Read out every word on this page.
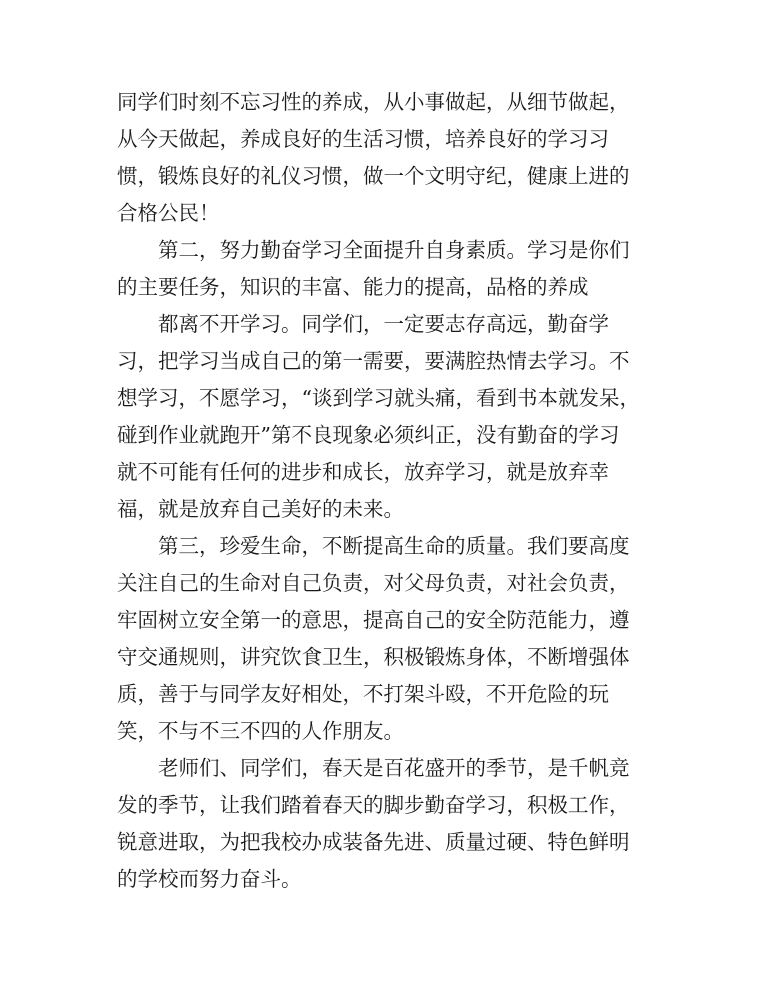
同学们时刻不忘习性的养成，从小事做起，从细节做起，
从今天做起，养成良好的生活习惯，培养良好的学习习
惯，锻炼良好的礼仪习惯，做一个文明守纪，健康上进的
合格公民！
第二，努力勤奋学习全面提升自身素质。学习是你们
的主要任务，知识的丰富、能力的提高，品格的养成
都离不开学习。同学们，一定要志存高远，勤奋学
习，把学习当成自己的第一需要，要满腔热情去学习。不
想学习，不愿学习，“谈到学习就头痛，看到书本就发呆，
碰到作业就跑开”第不良现象必须纠正，没有勤奋的学习
就不可能有任何的进步和成长，放弃学习，就是放弃幸
福，就是放弃自己美好的未来。
第三，珍爱生命，不断提高生命的质量。我们要高度
关注自己的生命对自己负责，对父母负责，对社会负责，
牢固树立安全第一的意思，提高自己的安全防范能力，遵
守交通规则，讲究饮食卫生，积极锻炼身体，不断增强体
质，善于与同学友好相处，不打架斗殴，不开危险的玩
笑，不与不三不四的人作朋友。
老师们、同学们，春天是百花盛开的季节，是千帆竞
发的季节，让我们踏着春天的脚步勤奋学习，积极工作，
锐意进取，为把我校办成装备先进、质量过硬、特色鲜明
的学校而努力奋斗。
